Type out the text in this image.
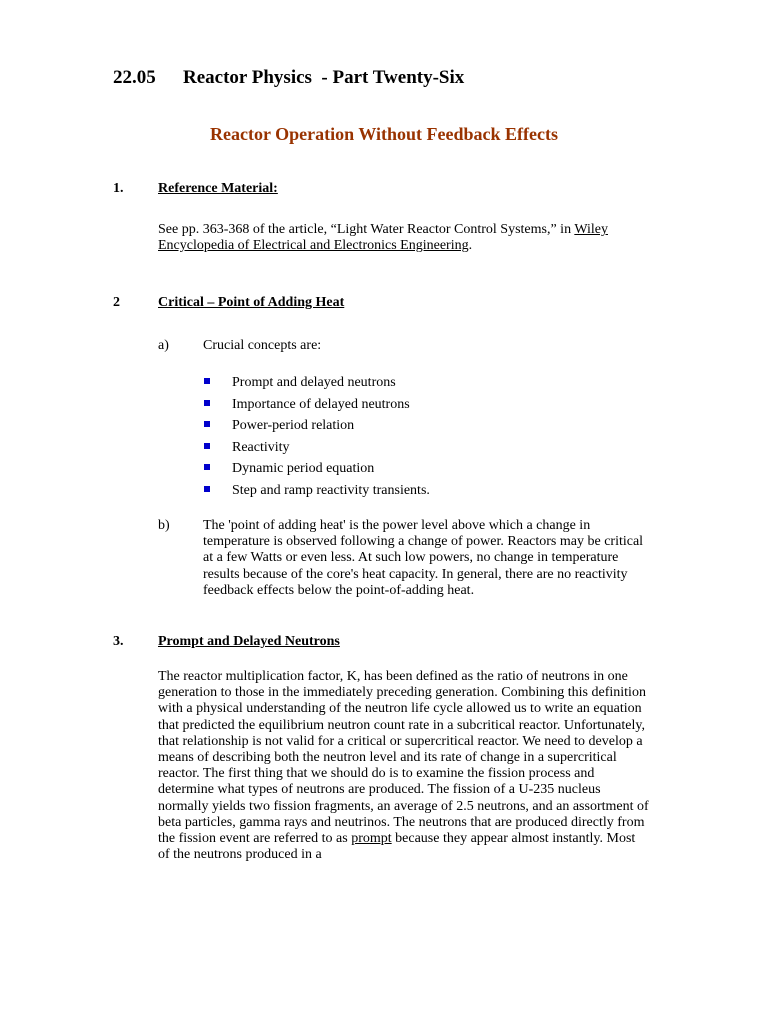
22.05 Reactor Physics  - Part Twenty-Six
Reactor Operation Without Feedback Effects
1. Reference Material:
See pp. 363-368 of the article, “Light Water Reactor Control Systems,” in Wiley Encyclopedia of Electrical and Electronics Engineering.
2	Critical – Point of Adding Heat
a) Crucial concepts are:
Prompt and delayed neutrons
Importance of delayed neutrons
Power-period relation
Reactivity
Dynamic period equation
Step and ramp reactivity transients.
b) The 'point of adding heat' is the power level above which a change in temperature is observed following a change of power. Reactors may be critical at a few Watts or even less. At such low powers, no change in temperature results because of the core's heat capacity. In general, there are no reactivity feedback effects below the point-of-adding heat.
3. Prompt and Delayed Neutrons
The reactor multiplication factor, K, has been defined as the ratio of neutrons in one generation to those in the immediately preceding generation. Combining this definition with a physical understanding of the neutron life cycle allowed us to write an equation that predicted the equilibrium neutron count rate in a subcritical reactor. Unfortunately, that relationship is not valid for a critical or supercritical reactor. We need to develop a means of describing both the neutron level and its rate of change in a supercritical reactor. The first thing that we should do is to examine the fission process and determine what types of neutrons are produced. The fission of a U-235 nucleus normally yields two fission fragments, an average of 2.5 neutrons, and an assortment of beta particles, gamma rays and neutrinos. The neutrons that are produced directly from the fission event are referred to as prompt because they appear almost instantly. Most of the neutrons produced in a
